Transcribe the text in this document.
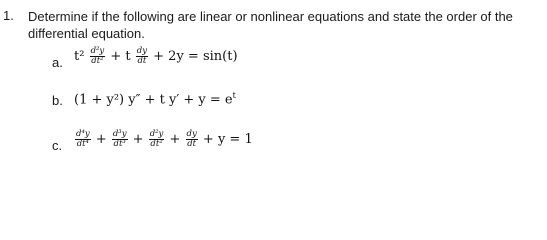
1. Determine if the following are linear or nonlinear equations and state the order of the differential equation.
a. $t^2 \frac{\text{d²y}}{\text{dt²}} + t \frac{dy}{dt} + 2y = \sin(t)$
b. (1 + y²) y″ + t $y' + y = e^t$
c. $\frac{\text{d⁴y}}{\text{dt⁴}} + \frac{\text{d³y}}{\text{dt³}} + \frac{\text{d²y}}{\text{dt²}} + \frac{dy}{dt} + y = 1$
